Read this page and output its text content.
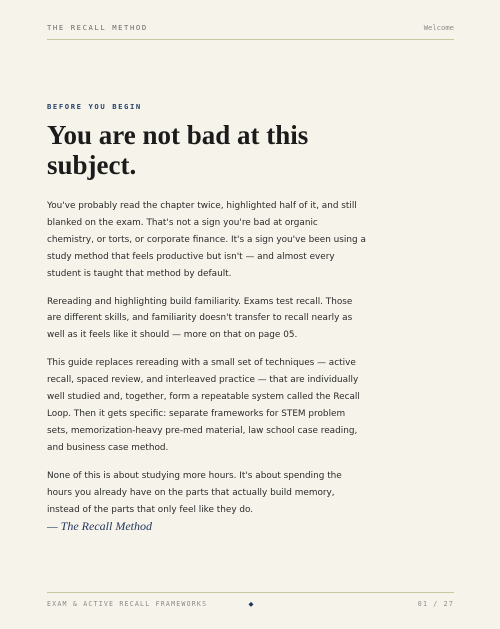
THE RECALL METHOD	Welcome
BEFORE YOU BEGIN
You are not bad at this subject.

You've probably read the chapter twice, highlighted half of it, and still blanked on the exam. That's not a sign you're bad at organic chemistry, or torts, or corporate finance. It's a sign you've been using a study method that feels productive but isn't — and almost every student is taught that method by default.

Rereading and highlighting build familiarity. Exams test recall. Those are different skills, and familiarity doesn't transfer to recall nearly as well as it feels like it should — more on that on page 05.

This guide replaces rereading with a small set of techniques — active recall, spaced review, and interleaved practice — that are individually well studied and, together, form a repeatable system called the Recall Loop. Then it gets specific: separate frameworks for STEM problem sets, memorization-heavy pre-med material, law school case reading, and business case method.

None of this is about studying more hours. It's about spending the hours you already have on the parts that actually build memory, instead of the parts that only feel like they do.

— The Recall Method
EXAM & ACTIVE RECALL FRAMEWORKS	◆	01 / 27
